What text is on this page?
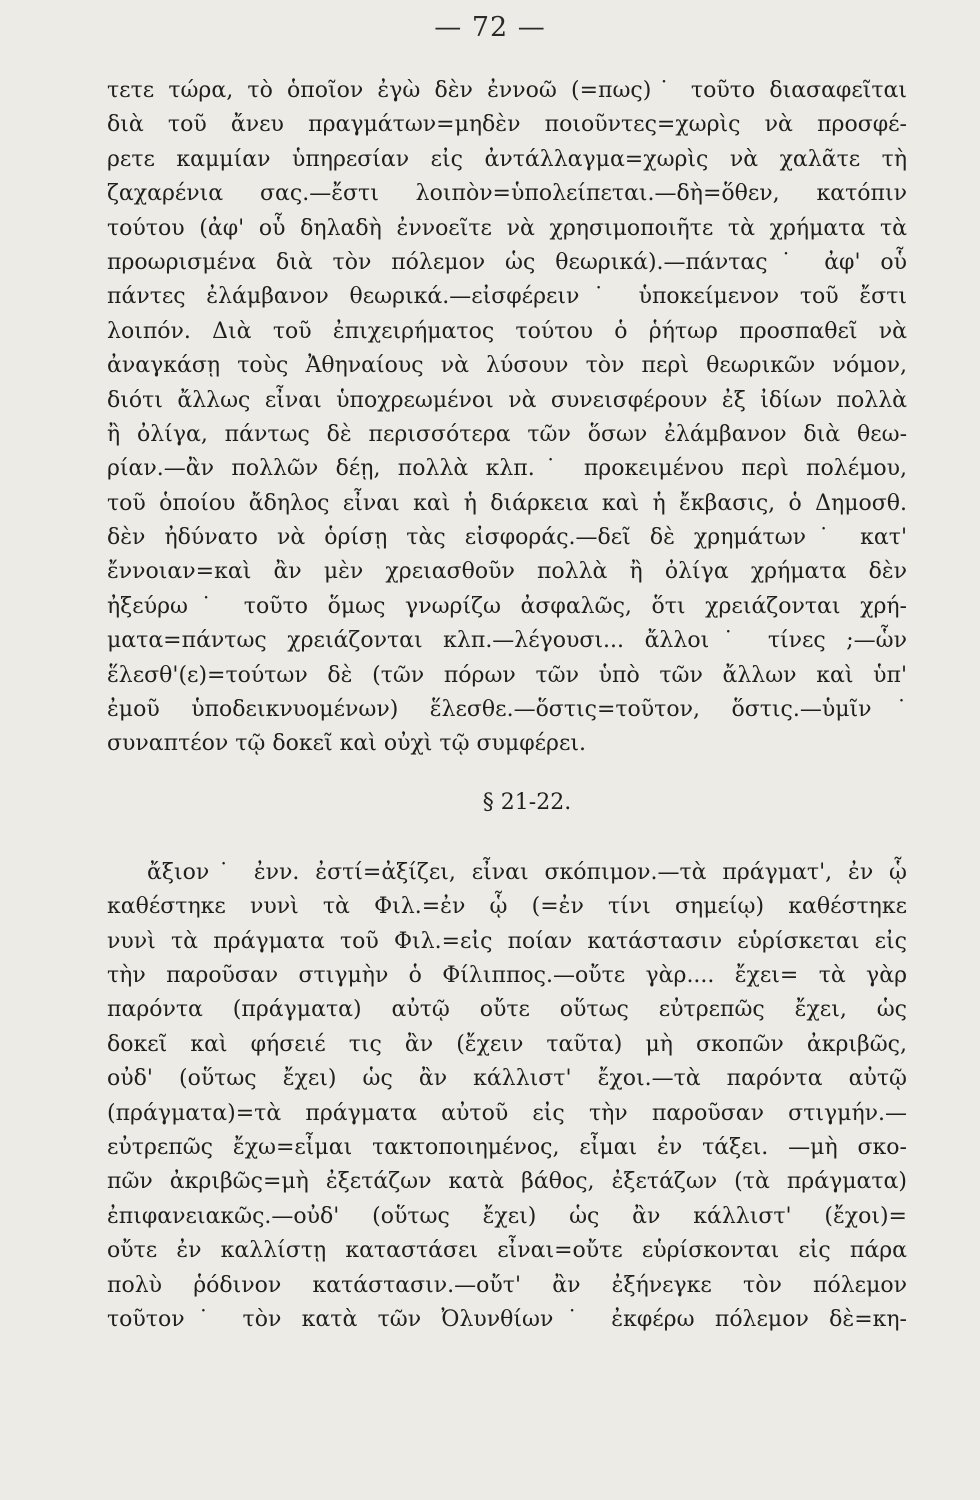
— 72 —
τετε τώρα, τὸ ὁποῖον ἐγὼ δὲν ἐννοῶ (=πως)˙ τοῦτο διασαφεῖται
διὰ τοῦ ἄνευ πραγμάτων=μηδὲν ποιοῦντες=χωρὶς νὰ προσφέ-
ρετε καμμίαν ὑπηρεσίαν εἰς ἀντάλλαγμα=χωρὶς νὰ χαλᾶτε τὴ
ζαχαρένια σας.—ἔστι λοιπὸν=ὑπολείπεται.—δὴ=ὅθεν, κατόπιν
τούτου (ἀφ' οὗ δηλαδὴ ἐννοεῖτε νὰ χρησιμοποιῆτε τὰ χρήματα τὰ
προωρισμένα διὰ τὸν πόλεμον ὡς θεωρικά).—πάντας˙ ἀφ' οὗ
πάντες ἐλάμβανον θεωρικά.—εἰσφέρειν˙ ὑποκείμενον τοῦ ἔστι
λοιπόν. Διὰ τοῦ ἐπιχειρήματος τούτου ὁ ῥήτωρ προσπαθεῖ νὰ
ἀναγκάσῃ τοὺς Ἀθηναίους νὰ λύσουν τὸν περὶ θεωρικῶν νόμον,
διότι ἄλλως εἶναι ὑποχρεωμένοι νὰ συνεισφέρουν ἐξ ἰδίων πολλὰ
ἢ ὀλίγα, πάντως δὲ περισσότερα τῶν ὅσων ἐλάμβανον διὰ θεω-
ρίαν.—ἂν πολλῶν δέῃ, πολλὰ κλπ.˙ προκειμένου περὶ πολέμου,
τοῦ ὁποίου ἄδηλος εἶναι καὶ ἡ διάρκεια καὶ ἡ ἔκβασις, ὁ Δημοσθ.
δὲν ἠδύνατο νὰ ὁρίσῃ τὰς εἰσφοράς.—δεῖ δὲ χρημάτων˙ κατ'
ἔννοιαν=καὶ ἂν μὲν χρειασθοῦν πολλὰ ἢ ὀλίγα χρήματα δὲν
ἠξεύρω˙ τοῦτο ὅμως γνωρίζω ἀσφαλῶς, ὅτι χρειάζονται χρή-
ματα=πάντως χρειάζονται κλπ.—λέγουσι... ἄλλοι˙ τίνες ;—ὧν
ἕλεσθ'(ε)=τούτων δὲ (τῶν πόρων τῶν ὑπὸ τῶν ἄλλων καὶ ὑπ'
ἐμοῦ ὑποδεικνυομένων) ἕλεσθε.—ὅστις=τοῦτον, ὅστις.—ὑμῖν˙
συναπτέον τῷ δοκεῖ καὶ οὐχὶ τῷ συμφέρει.
§ 21-22.
ἄξιον˙ ἐνν. ἐστί=ἀξίζει, εἶναι σκόπιμον.—τὰ πράγματ', ἐν ᾧ
καθέστηκε νυνὶ τὰ Φιλ.=ἐν ᾧ (=ἐν τίνι σημείῳ) καθέστηκε
νυνὶ τὰ πράγματα τοῦ Φιλ.=εἰς ποίαν κατάστασιν εὑρίσκεται εἰς
τὴν παροῦσαν στιγμὴν ὁ Φίλιππος.—οὔτε γὰρ.... ἔχει= τὰ γὰρ
παρόντα (πράγματα) αὐτῷ οὔτε οὕτως εὐτρεπῶς ἔχει, ὡς
δοκεῖ καὶ φήσειέ τις ἂν (ἔχειν ταῦτα) μὴ σκοπῶν ἀκριβῶς,
οὐδ' (οὕτως ἔχει) ὡς ἂν κάλλιστ' ἔχοι.—τὰ παρόντα αὐτῷ
(πράγματα)=τὰ πράγματα αὐτοῦ εἰς τὴν παροῦσαν στιγμήν.—
εὐτρεπῶς ἔχω=εἶμαι τακτοποιημένος, εἶμαι ἐν τάξει. —μὴ σκο-
πῶν ἀκριβῶς=μὴ ἐξετάζων κατὰ βάθος, ἐξετάζων (τὰ πράγματα)
ἐπιφανειακῶς.—οὐδ' (οὕτως ἔχει) ὡς ἂν κάλλιστ' (ἔχοι)=
οὔτε ἐν καλλίστῃ καταστάσει εἶναι=οὔτε εὑρίσκονται εἰς πάρα
πολὺ ῥόδινον κατάστασιν.—οὔτ' ἂν ἐξήνεγκε τὸν πόλεμον
τοῦτον˙ τὸν κατὰ τῶν Ὀλυνθίων˙ ἐκφέρω πόλεμον δὲ=κη-
